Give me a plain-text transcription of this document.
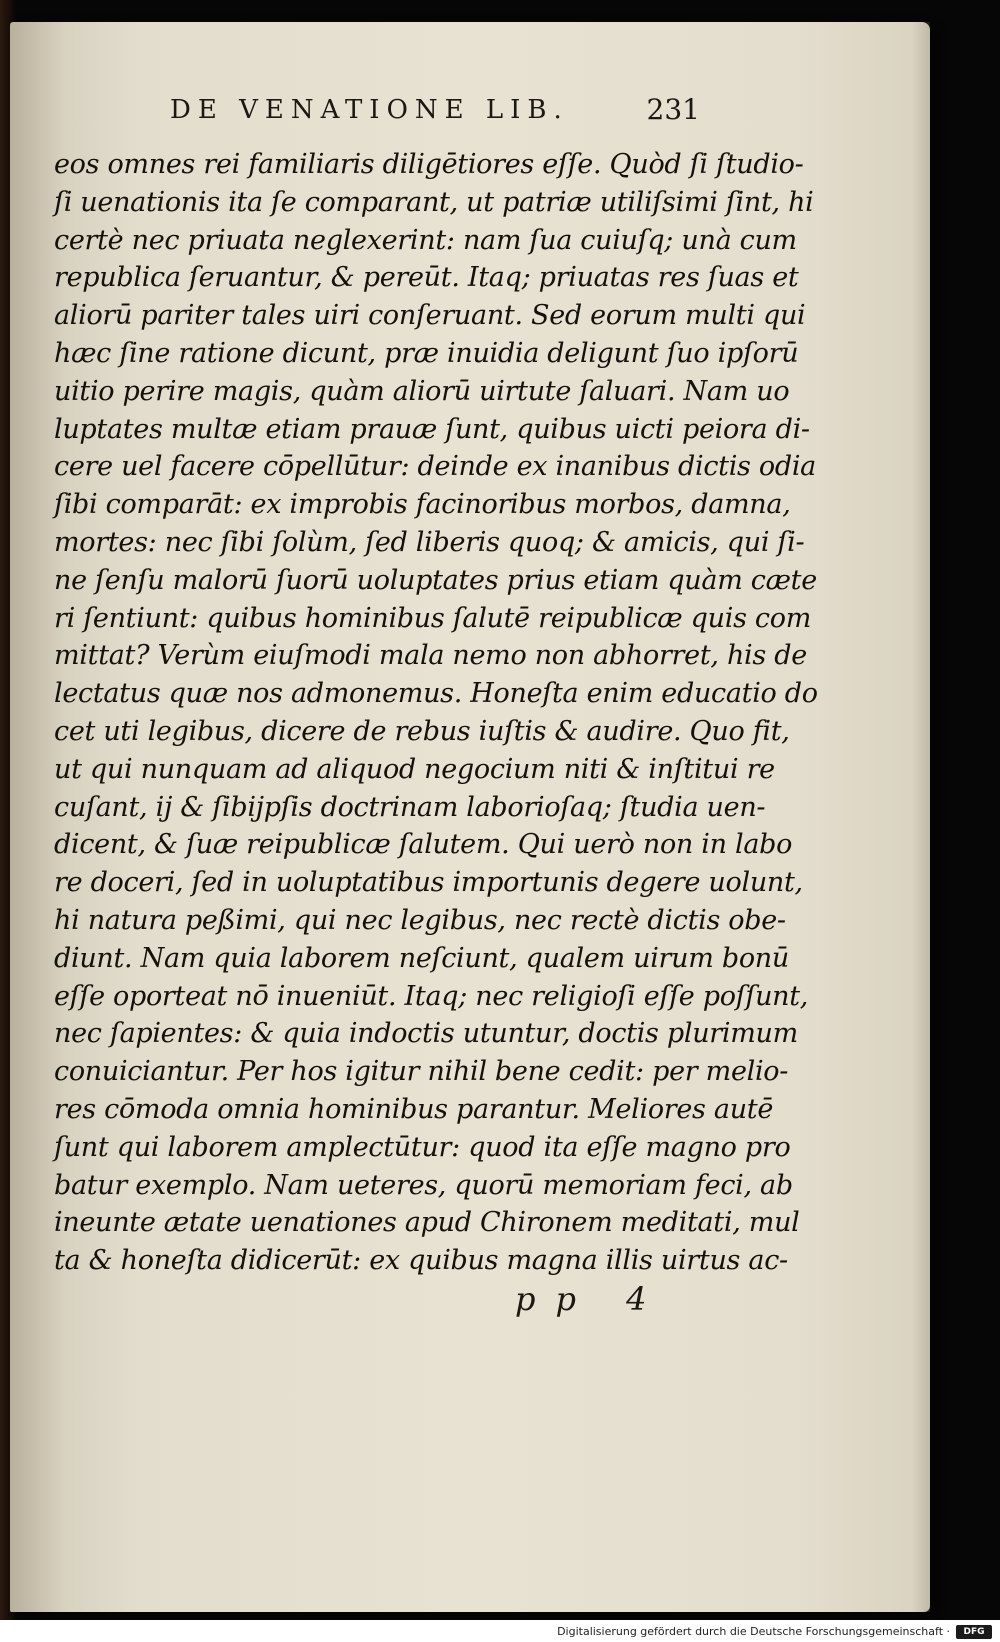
DE VENATIONE LIB.	231
eos omnes rei familiaris diligētiores eſſe. Quòd ſi ſtudio-
ſi uenationis ita ſe comparant, ut patriæ utiliſsimi ſint, hi
certè nec priuata neglexerint: nam ſua cuiuſq; unà cum
republica ſeruantur, & pereūt. Itaq; priuatas res ſuas et
aliorū pariter tales uiri conſeruant. Sed eorum multi qui
hæc ſine ratione dicunt, præ inuidia deligunt ſuo ipſorū
uitio perire magis, quàm aliorū uirtute ſaluari. Nam uo
luptates multæ etiam prauæ ſunt, quibus uicti peiora di-
cere uel facere cōpellūtur: deinde ex inanibus dictis odia
ſibi comparāt: ex improbis facinoribus morbos, damna,
mortes: nec ſibi ſolùm, ſed liberis quoq; & amicis, qui ſi-
ne ſenſu malorū ſuorū uoluptates prius etiam quàm cæte
ri ſentiunt: quibus hominibus ſalutē reipublicæ quis com
mittat? Verùm eiuſmodi mala nemo non abhorret, his de
lectatus quæ nos admonemus. Honeſta enim educatio do
cet uti legibus, dicere de rebus iuſtis & audire. Quo fit,
ut qui nunquam ad aliquod negocium niti & inſtitui re
cuſant, ij & ſibijpſis doctrinam laborioſaq; ſtudia uen-
dicent, & ſuæ reipublicæ ſalutem. Qui uerò non in labo
re doceri, ſed in uoluptatibus importunis degere uolunt,
hi natura peßimi, qui nec legibus, nec rectè dictis obe-
diunt. Nam quia laborem neſciunt, qualem uirum bonū
eſſe oporteat nō inueniūt. Itaq; nec religioſi eſſe poſſunt,
nec ſapientes: & quia indoctis utuntur, doctis plurimum
conuiciantur. Per hos igitur nihil bene cedit: per melio-
res cōmoda omnia hominibus parantur. Meliores autē
ſunt qui laborem amplectūtur: quod ita eſſe magno pro
batur exemplo. Nam ueteres, quorū memoriam feci, ab
ineunte ætate uenationes apud Chironem meditati, mul
ta & honeſta didicerūt: ex quibus magna illis uirtus ac-
pp 4
Digitalisierung gefördert durch die Deutsche Forschungsgemeinschaft ·	DFG
